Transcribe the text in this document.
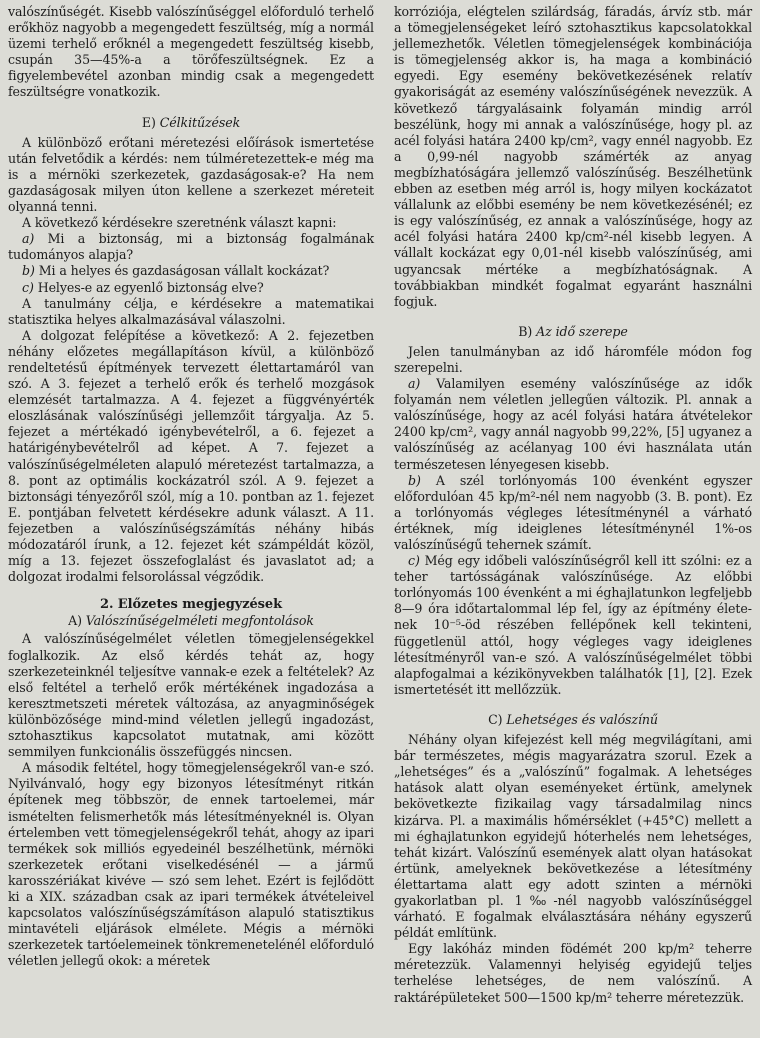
valószínűségét. Kisebb valószínűséggel előforduló terhelő erőkhöz nagyobb a megengedett feszültség, míg a normál üzemi terhelő erőknél a megengedett feszültség kisebb, csupán 35—45%-a a törőfeszültségnek. Ez a figyelembevétel azonban mindig csak a megengedett feszültségre vonatkozik.

E) Célkitűzések

A különböző erőtani méretezési előírások ismertetése után felvetődik a kérdés: nem túlméretezettek-e még ma is a mérnöki szerkezetek, gazdaságosak-e? Ha nem gazdaságosak milyen úton kellene a szerkezet méreteit olyanná tenni.

A következő kérdésekre szeretnénk választ kapni:

a) Mi a biztonság, mi a biztonság fogalmának tudományos alapja?

b) Mi a helyes és gazdaságosan vállalt kockázat?

c) Helyes-e az egyenlő biztonság elve?

A tanulmány célja, e kérdésekre a matematikai statisztika helyes alkalmazásával válaszolni.

A dolgozat felépítése a következő: A 2. fejezetben néhány előzetes megállapításon kívül, a különböző rendeltetésű építmények tervezett élettartamáról van szó. A 3. fejezet a terhelő erők és terhelő mozgások elemzését tartalmazza. A 4. fejezet a függvényérték eloszlásának valószínűségi jellemzőit tárgyalja. Az 5. fejezet a mértékadó igénybevételről, a 6. fejezet a határigénybevételről ad képet. A 7. fejezet a valószínűségelméleten alapuló méretezést tartalmazza, a 8. pont az optimális kockázatról szól. A 9. fejezet a biztonsági tényezőről szól, míg a 10. pontban az 1. fejezet E. pontjában felvetett kérdésekre adunk választ. A 11. fejezetben a valószínűségszámítás néhány hibás módozatáról írunk, a 12. fejezet két számpéldát közöl, míg a 13. fejezet összefoglalást és javaslatot ad; a dolgozat irodalmi felsorolással végződik.

2. Előzetes megjegyzések
A) Valószínűségelméleti megfontolások

A valószínűségelmélet véletlen tömegjelenségekkel foglalkozik. Az első kérdés tehát az, hogy szerkezeteinknél teljesítve vannak-e ezek a feltételek? Az első feltétel a terhelő erők mértékének ingadozása a keresztmetszeti méretek változása, az anyagminőségek különbözősége mind-mind véletlen jellegű ingadozást, sztohasztikus kapcsolatot mutatnak, ami között semmilyen funkcionális összefüggés nincsen.

A második feltétel, hogy tömegjelenségekről van-e szó. Nyilvánvaló, hogy egy bizonyos létesítményt ritkán építenek meg többször, de ennek tartoelemei, már ismételten felismerhetők más létesítményeknél is. Olyan értelemben vett tömegjelenségekről tehát, ahogy az ipari termékek sok milliós egyedeinél beszélhetünk, mérnöki szerkezetek erőtani viselkedésénél — a jármű karosszériákat kivéve — szó sem lehet. Ezért is fejlődött ki a XIX. században csak az ipari termékek átvételeivel kapcsolatos valószínűségszámításon alapuló statisztikus mintavételi eljárások elmélete. Mégis a mérnöki szerkezetek tartóelemeinek tönkremenetelénél előforduló véletlen jellegű okok: a méretek

korróziója, elégtelen szilárdság, fáradás, árvíz stb. már a tömegjelenségeket leíró sztohasztikus kapcsolatokkal jellemezhetők. Véletlen tömegjelenségek kombinációja is tömegjelenség akkor is, ha maga a kombináció egyedi. Egy esemény bekövetkezésének relatív gyakoriságát az esemény valószínűségének nevezzük. A következő tárgyalásaink folyamán mindig arról beszélünk, hogy mi annak a valószínűsége, hogy pl. az acél folyási határa 2400 kp/cm², vagy ennél nagyobb. Ez a 0,99-nél nagyobb számérték az anyag megbízhatóságára jellemző valószínűség. Beszélhetünk ebben az esetben még arról is, hogy milyen kockázatot vállalunk az előbbi esemény be nem következésénél; ez is egy valószínűség, ez annak a valószínűsége, hogy az acél folyási határa 2400 kp/cm²-nél kisebb legyen. A vállalt kockázat egy 0,01-nél kisebb valószínűség, ami ugyancsak mértéke a megbízhatóságnak. A továbbiakban mindkét fogalmat egyaránt használni fogjuk.

B) Az idő szerepe

Jelen tanulmányban az idő háromféle módon fog szerepelni.

a) Valamilyen esemény valószínűsége az idők folyamán nem véletlen jellegűen változik. Pl. annak a valószínűsége, hogy az acél folyási határa átvételekor 2400 kp/cm², vagy annál nagyobb 99,22%, [5] ugyanez a valószínűség az acélanyag 100 évi használata után természetesen lényegesen kisebb.

b) A szél torlónyomás 100 évenként egyszer előfordulóan 45 kp/m²-nél nem nagyobb (3. B. pont). Ez a torlónyomás végleges létesítménynél a várható értéknek, míg ideiglenes létesítménynél 1%-os valószínűségű tehernek számít.

c) Még egy időbeli valószínűségről kell itt szólni: ez a teher tartósságának valószínűsége. Az előbbi torlónyomás 100 évenként a mi éghajlatunkon legfeljebb 8—9 óra időtartalommal lép fel, így az építmény életenek 10⁻⁵-öd részében fellépőnek kell tekinteni, függetlenül attól, hogy végleges vagy ideiglenes létesítményről van-e szó. A valószínűségelmélet többi alapfogalmai a kézikönyvekben találhatók [1], [2]. Ezek ismertetését itt mellőzzük.

C) Lehetséges és valószínű

Néhány olyan kifejezést kell még megvilágítani, ami bár természetes, mégis magyarázatra szorul. Ezek a „lehetséges” és a „valószínű” fogalmak. A lehetséges hatások alatt olyan eseményeket értünk, amelynek bekövetkezte fizikailag vagy társadalmilag nincs kizárva. Pl. a maximális hőmérséklet (+45°C) mellett a mi éghajlatunkon egyidejű hóterhelés nem lehetséges, tehát kizárt. Valószínű események alatt olyan hatásokat értünk, amelyeknek bekövetkezése a létesítmény élettartama alatt egy adott szinten a mérnöki gyakorlatban pl. 1‰-nél nagyobb valószínűséggel várható. E fogalmak elválasztására néhány egyszerű példát említünk.

Egy lakóház minden födémét 200 kp/m² teherre méretezzük. Valamennyi helyiség egyidejű teljes terhelése lehetséges, de nem valószínű. A raktárépületeket 500—1500 kp/m² teherre méretezzük.
